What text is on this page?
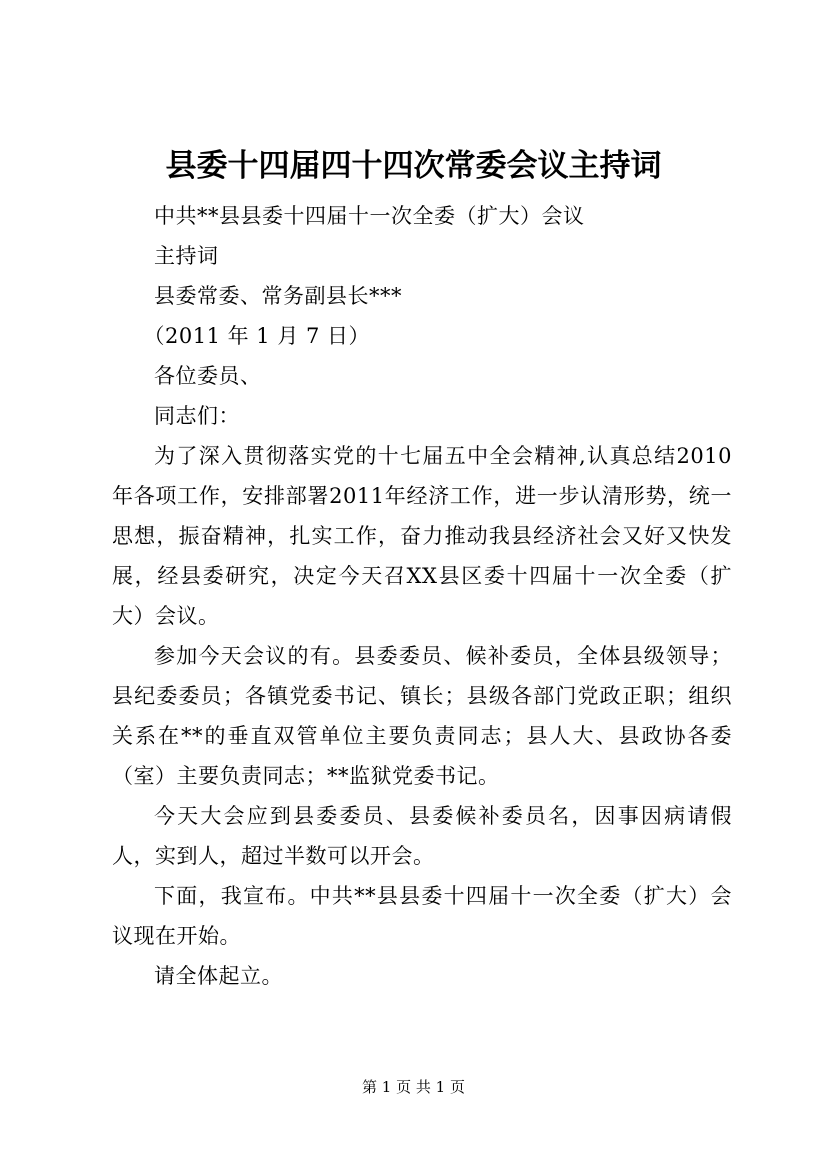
县委十四届四十四次常委会议主持词

中共**县县委十四届十一次全委（扩大）会议

主持词

县委常委、常务副县长***

（2011 年 1 月 7 日）

各位委员、

同志们：

为了深入贯彻落实党的十七届五中全会精神,认真总结2010年各项工作，安排部署2011年经济工作，进一步认清形势，统一思想，振奋精神，扎实工作，奋力推动我县经济社会又好又快发展，经县委研究，决定今天召XX县区委十四届十一次全委（扩大）会议。

参加今天会议的有。县委委员、候补委员，全体县级领导；县纪委委员；各镇党委书记、镇长；县级各部门党政正职；组织关系在**的垂直双管单位主要负责同志；县人大、县政协各委（室）主要负责同志；**监狱党委书记。

今天大会应到县委委员、县委候补委员名，因事因病请假人，实到人，超过半数可以开会。

下面，我宣布。中共**县县委十四届十一次全委（扩大）会议现在开始。

请全体起立。

第 1 页 共 1 页
